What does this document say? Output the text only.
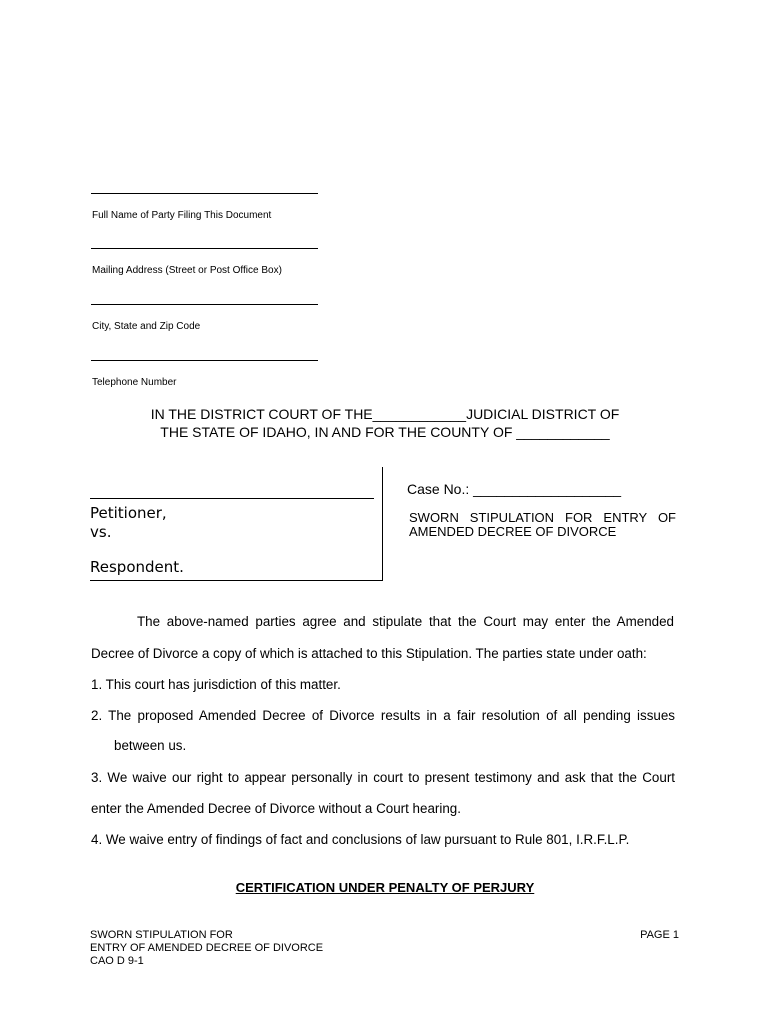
Full Name of Party Filing This Document
Mailing Address (Street or Post Office Box)
City, State and Zip Code
Telephone Number
IN THE DISTRICT COURT OF THE____________JUDICIAL DISTRICT OF
THE STATE OF IDAHO, IN AND FOR THE COUNTY OF ____________
Petitioner,
vs.
Respondent.
Case No.: ___________________
SWORN STIPULATION FOR ENTRY OF
AMENDED DECREE OF DIVORCE
The above-named parties agree and stipulate that the Court may enter the Amended
Decree of Divorce a copy of which is attached to this Stipulation. The parties state under oath:
1. This court has jurisdiction of this matter.
2. The proposed Amended Decree of Divorce results in a fair resolution of all pending issues
between us.
3. We waive our right to appear personally in court to present testimony and ask that the Court
enter the Amended Decree of Divorce without a Court hearing.
4. We waive entry of findings of fact and conclusions of law pursuant to Rule 801, I.R.F.L.P.
CERTIFICATION UNDER PENALTY OF PERJURY
SWORN STIPULATION FOR
ENTRY OF AMENDED DECREE OF DIVORCE
CAO D 9-1
PAGE 1
